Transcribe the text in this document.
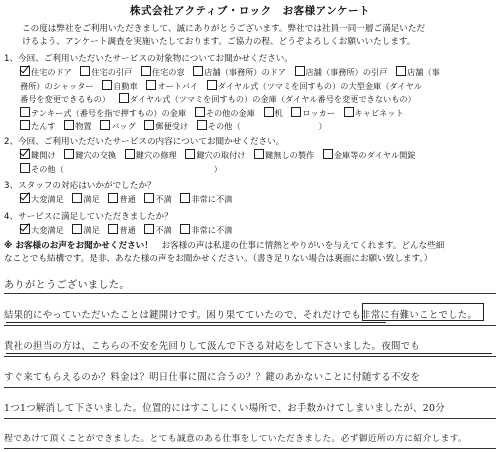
株式会社アクティブ・ロック　お客様アンケート

この度は弊社をご利用いただきまして、誠にありがとうございます。弊社では社員一同一層ご満足いただ

けるよう、アンケート調査を実施いたしております。ご協力の程、どうぞよろしくお願いいたします。

1、今回、ご利用いただいたサービスの対象物についてお聞かせください。
住宅のドア 住宅の引戸 住宅の窓 店舗（事務所）のドア 店舗（事務所）の引戸 店舗（事
務所）のシャッター 自動車 オートバイ ダイヤル式（ツマミを回すもの）の大型金庫（ダイヤル
番号を変更できるもの） ダイヤル式（ツマミを回すもの）の金庫（ダイヤル番号を変更できないもの）
テンキー式（番号を指で押すもの）の金庫 その他の金庫 机 ロッカー キャビネット
たんす 物置 バッグ 郵便受け その他（	）
2、今回、ご利用いただいたサービスの内容についてお聞かせください。
鍵開け 鍵穴の交換 鍵穴の修理 鍵穴の取付け 鍵無しの製作 金庫等のダイヤル開錠
その他（	）
3、スタッフの対応はいかがでしたか？
大変満足 満足 普通 不満 非常に不満
4、サービスに満足していただきましたか？
大変満足 満足 普通 不満 非常に不満

※ お客様のお声をお聞かせください！　 お客様の声は私達の仕事に情熱とやりがいを与えてくれます。どんな些細

なことでも結構です。是非、あなた様の声をお聞かせください。（書き足りない場合は裏面にお願い致します。）

ありがとうございました。
結果的にやっていただいたことは鍵開けです。困り果てていたので、それだけでも非常に有難いことでした。
貴社の担当の方は、こちらの不安を先回りして汲んで下さる対応をして下さいました。夜間でも
すぐ来てもらえるのか？料金は？明日仕事に間に合うの？？鍵のあかないことに付随する不安を
1つ1つ解消して下さいました。位置的にはすこしにくい場所で、お手数かけてしまいましたが、20分
程であけて頂くことができました。とても誠意のある仕事をしていただきました。必ず御近所の方に紹介します。
